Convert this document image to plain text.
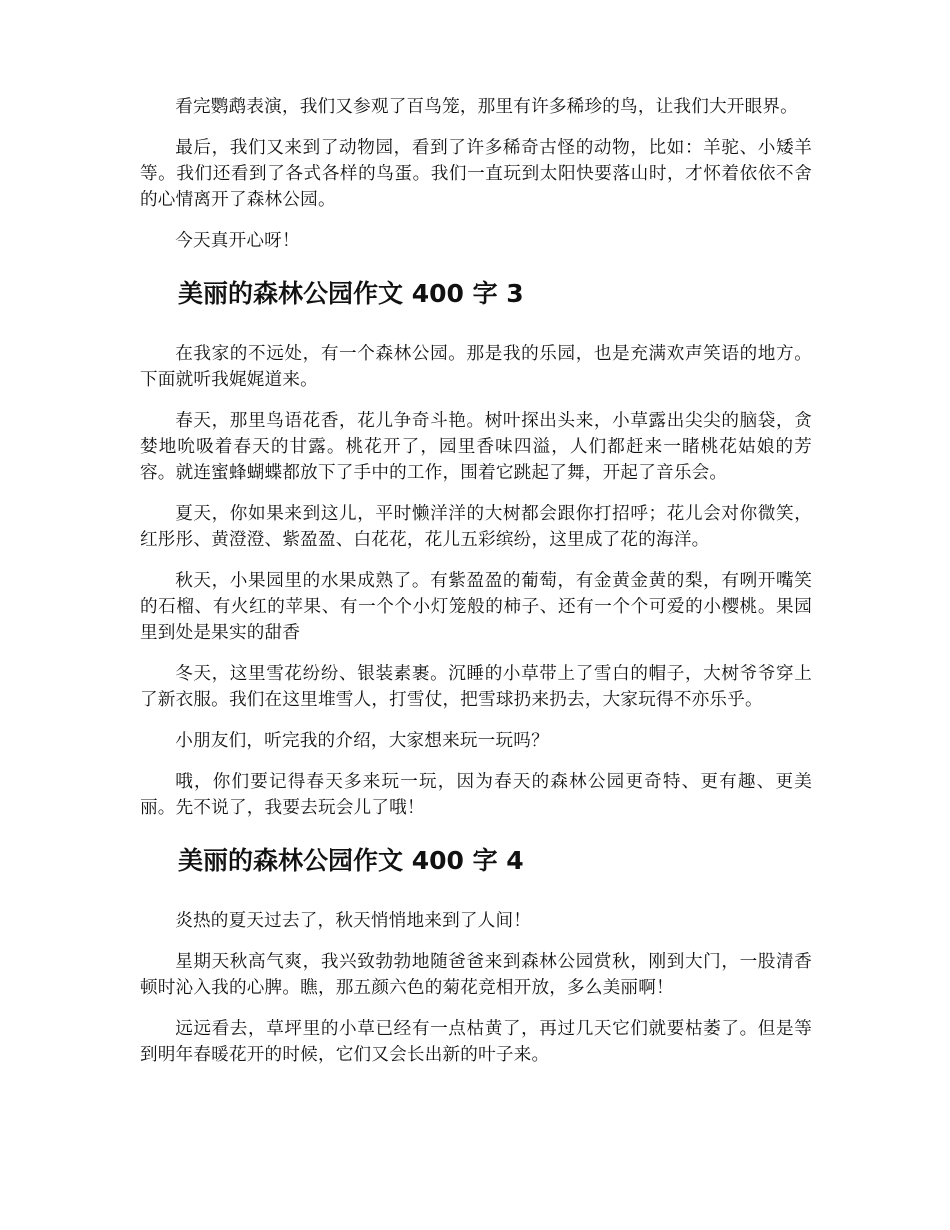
看完鹦鹉表演，我们又参观了百鸟笼，那里有许多稀珍的鸟，让我们大开眼界。

最后，我们又来到了动物园，看到了许多稀奇古怪的动物，比如：羊驼、小矮羊等。我们还看到了各式各样的鸟蛋。我们一直玩到太阳快要落山时，才怀着依依不舍的心情离开了森林公园。

今天真开心呀！

美丽的森林公园作文 400 字 3

在我家的不远处，有一个森林公园。那是我的乐园，也是充满欢声笑语的地方。下面就听我娓娓道来。

春天，那里鸟语花香，花儿争奇斗艳。树叶探出头来，小草露出尖尖的脑袋，贪婪地吮吸着春天的甘露。桃花开了，园里香味四溢，人们都赶来一睹桃花姑娘的芳容。就连蜜蜂蝴蝶都放下了手中的工作，围着它跳起了舞，开起了音乐会。

夏天，你如果来到这儿，平时懒洋洋的大树都会跟你打招呼；花儿会对你微笑，红彤彤、黄澄澄、紫盈盈、白花花，花儿五彩缤纷，这里成了花的海洋。

秋天，小果园里的水果成熟了。有紫盈盈的葡萄，有金黄金黄的梨，有咧开嘴笑的石榴、有火红的苹果、有一个个小灯笼般的柿子、还有一个个可爱的小樱桃。果园里到处是果实的甜香

冬天，这里雪花纷纷、银装素裹。沉睡的小草带上了雪白的帽子，大树爷爷穿上了新衣服。我们在这里堆雪人，打雪仗，把雪球扔来扔去，大家玩得不亦乐乎。

小朋友们，听完我的介绍，大家想来玩一玩吗？

哦，你们要记得春天多来玩一玩，因为春天的森林公园更奇特、更有趣、更美丽。先不说了，我要去玩会儿了哦！

美丽的森林公园作文 400 字 4

炎热的夏天过去了，秋天悄悄地来到了人间！

星期天秋高气爽，我兴致勃勃地随爸爸来到森林公园赏秋，刚到大门，一股清香顿时沁入我的心脾。瞧，那五颜六色的菊花竞相开放，多么美丽啊！

远远看去，草坪里的小草已经有一点枯黄了，再过几天它们就要枯萎了。但是等到明年春暖花开的时候，它们又会长出新的叶子来。
